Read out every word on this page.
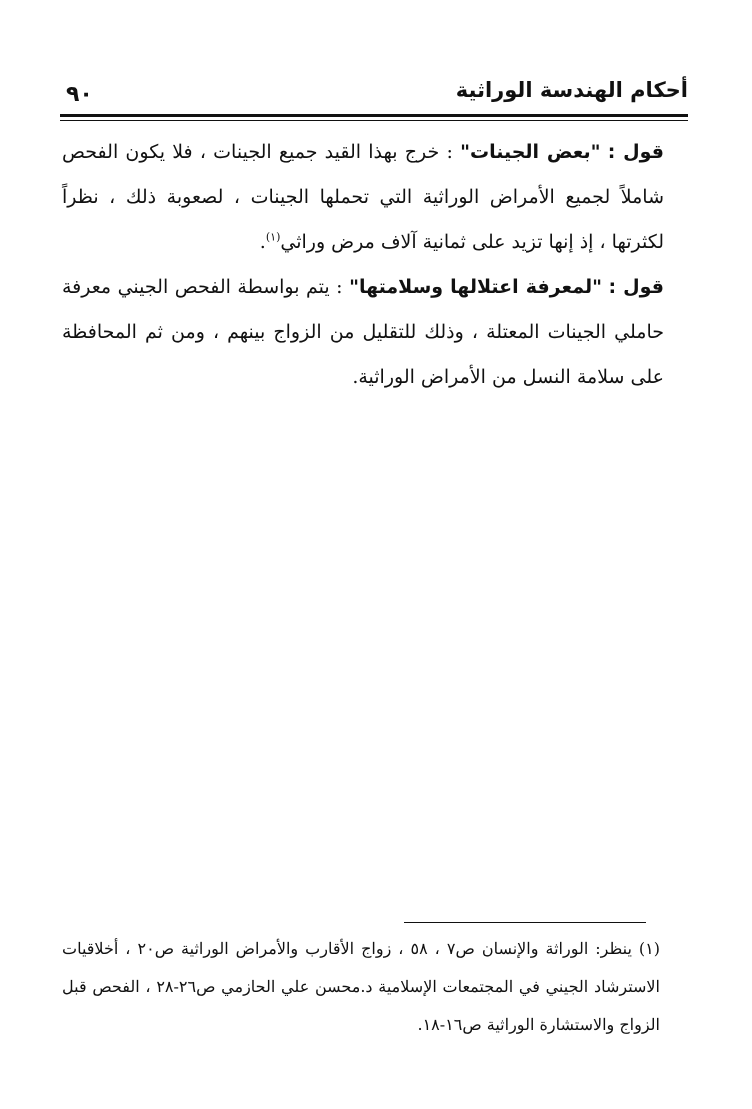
أحكام الهندسة الوراثية
٩٠

قول : "بعض الجينات" : خرج بهذا القيد جميع الجينات ، فلا يكون الفحص شاملاً لجميع الأمراض الوراثية التي تحملها الجينات ، لصعوبة ذلك ، نظراً لكثرتها ، إذ إنها تزيد على ثمانية آلاف مرض وراثي$^{(١)}$.

قول : "لمعرفة اعتلالها وسلامتها" : يتم بواسطة الفحص الجيني معرفة حاملي الجينات المعتلة ، وذلك للتقليل من الزواج بينهم ، ومن ثم المحافظة على سلامة النسل من الأمراض الوراثية.

(١) ينظر: الوراثة والإنسان ص٧ ، ٥٨ ، زواج الأقارب والأمراض الوراثية ص٢٠ ، أخلاقيات الاسترشاد الجيني في المجتمعات الإسلامية د.محسن علي الحازمي ص٢٦-٢٨ ، الفحص قبل الزواج والاستشارة الوراثية ص١٦-١٨.
